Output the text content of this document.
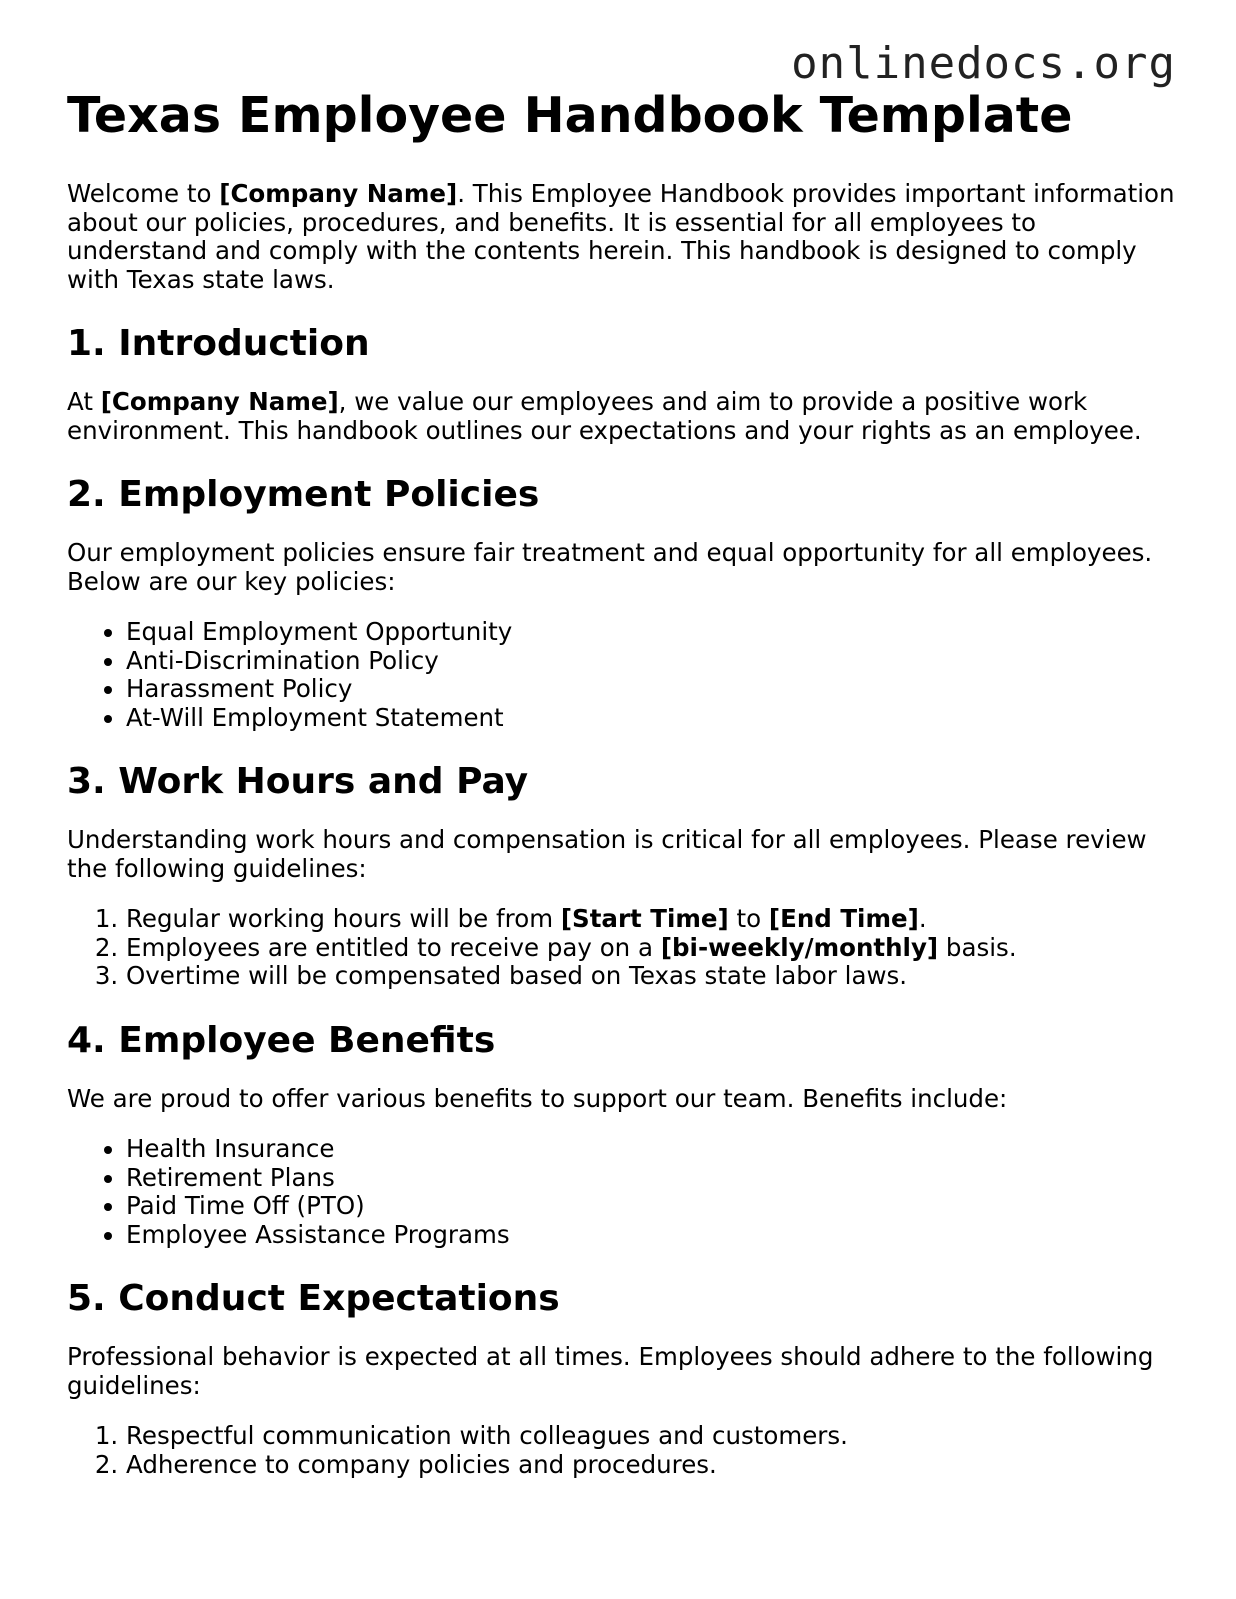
onlinedocs.org
Texas Employee Handbook Template

Welcome to [Company Name]. This Employee Handbook provides important information about our policies, procedures, and benefits. It is essential for all employees to understand and comply with the contents herein. This handbook is designed to comply with Texas state laws.

1. Introduction

At [Company Name], we value our employees and aim to provide a positive work environment. This handbook outlines our expectations and your rights as an employee.

2. Employment Policies

Our employment policies ensure fair treatment and equal opportunity for all employees. Below are our key policies:

• Equal Employment Opportunity
• Anti-Discrimination Policy
• Harassment Policy
• At-Will Employment Statement
3. Work Hours and Pay

Understanding work hours and compensation is critical for all employees. Please review the following guidelines:

1. Regular working hours will be from [Start Time] to [End Time].
2. Employees are entitled to receive pay on a [bi-weekly/monthly] basis.
3. Overtime will be compensated based on Texas state labor laws.
4. Employee Benefits

We are proud to offer various benefits to support our team. Benefits include:

• Health Insurance
• Retirement Plans
• Paid Time Off (PTO)
• Employee Assistance Programs
5. Conduct Expectations

Professional behavior is expected at all times. Employees should adhere to the following guidelines:

1. Respectful communication with colleagues and customers.
2. Adherence to company policies and procedures.
